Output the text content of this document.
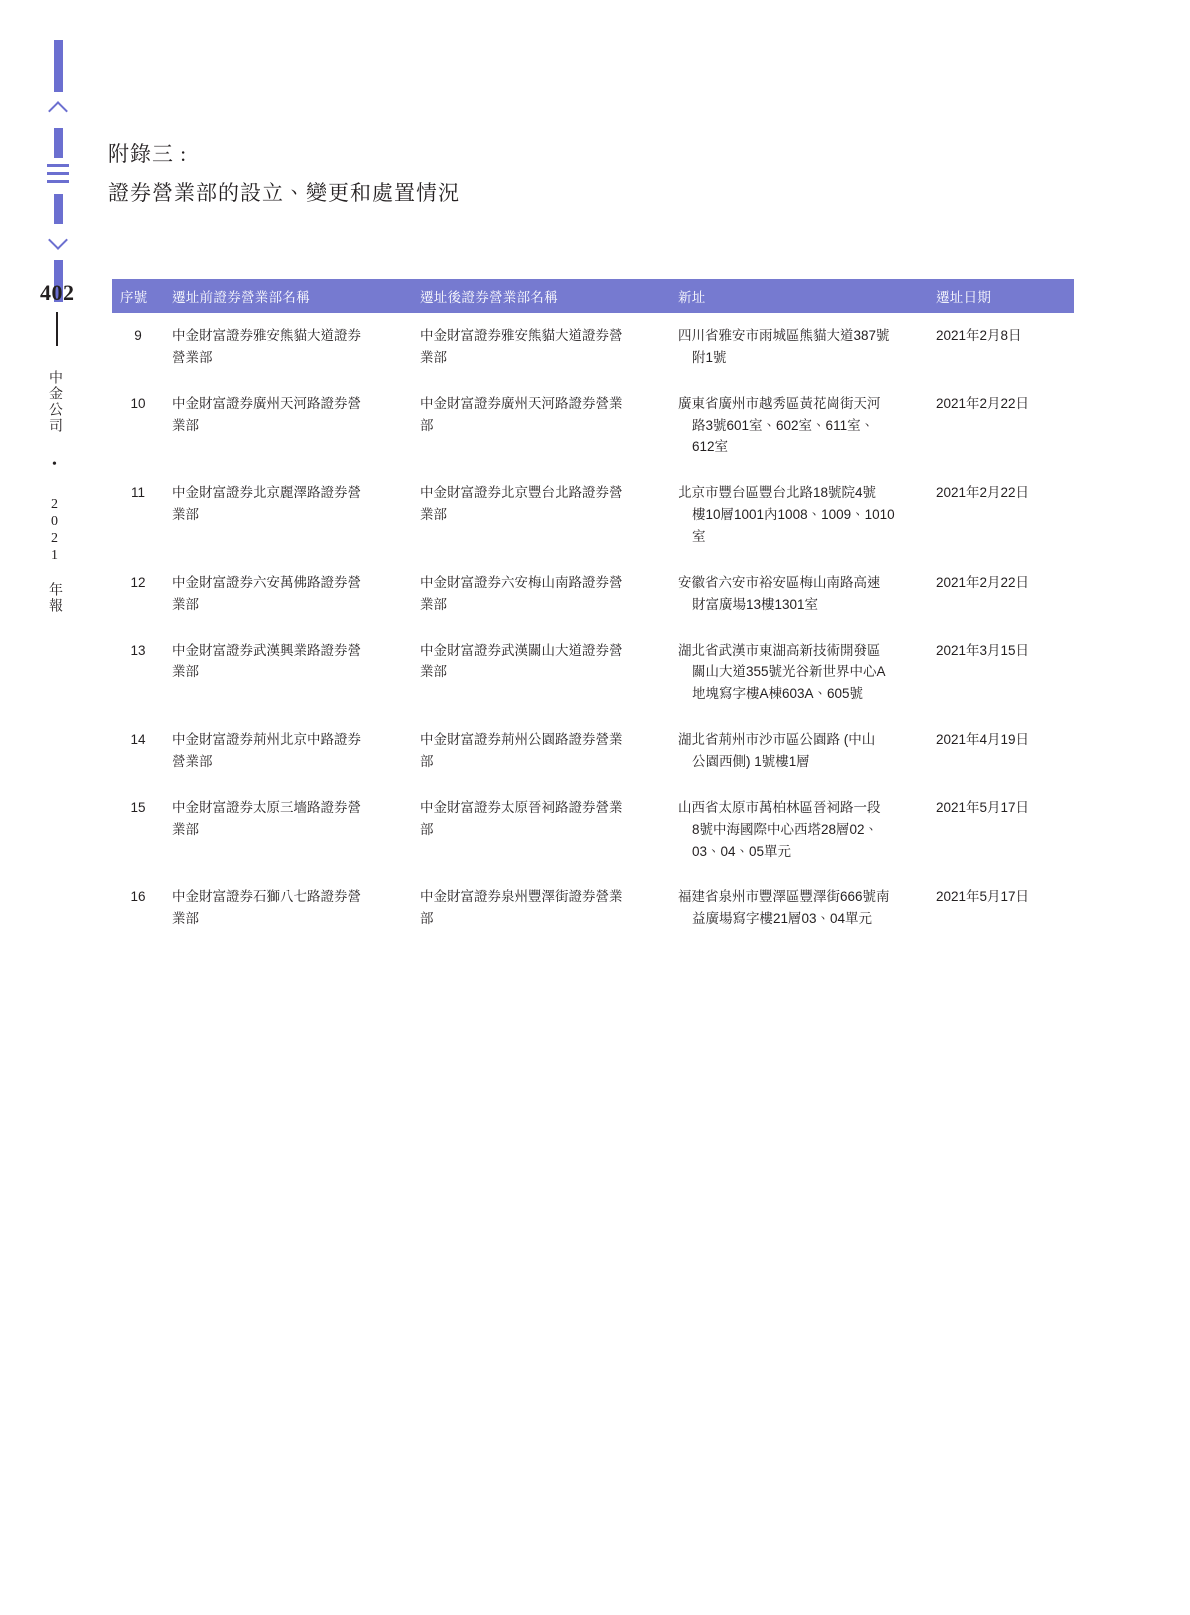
402
中金公司 • 2021 年報
附錄三 :
證券營業部的設立、變更和處置情況
序號	遷址前證券營業部名稱	遷址後證券營業部名稱	新址	遷址日期
9	中金財富證券雅安熊貓大道證券
營業部	中金財富證券雅安熊貓大道證券營
業部	四川省雅安市雨城區熊貓大道387號
附1號	2021年2月8日
10	中金財富證券廣州天河路證券營
業部	中金財富證券廣州天河路證券營業
部	廣東省廣州市越秀區黃花崗街天河
路3號601室、602室、611室、
612室	2021年2月22日
11	中金財富證券北京麗澤路證券營
業部	中金財富證券北京豐台北路證券營
業部	北京市豐台區豐台北路18號院4號
樓10層1001內1008、1009、1010
室	2021年2月22日
12	中金財富證券六安萬佛路證券營
業部	中金財富證券六安梅山南路證券營
業部	安徽省六安市裕安區梅山南路高速
財富廣場13樓1301室	2021年2月22日
13	中金財富證券武漢興業路證券營
業部	中金財富證券武漢關山大道證券營
業部	湖北省武漢市東湖高新技術開發區
關山大道355號光谷新世界中心A
地塊寫字樓A棟603A、605號	2021年3月15日
14	中金財富證券荊州北京中路證券
營業部	中金財富證券荊州公園路證券營業
部	湖北省荊州市沙市區公園路 (中山
公園西側) 1號樓1層	2021年4月19日
15	中金財富證券太原三墻路證券營
業部	中金財富證券太原晉祠路證券營業
部	山西省太原市萬柏林區晉祠路一段
8號中海國際中心西塔28層02、
03、04、05單元	2021年5月17日
16	中金財富證券石獅八七路證券營
業部	中金財富證券泉州豐澤街證券營業
部	福建省泉州市豐澤區豐澤街666號南
益廣場寫字樓21層03、04單元	2021年5月17日
